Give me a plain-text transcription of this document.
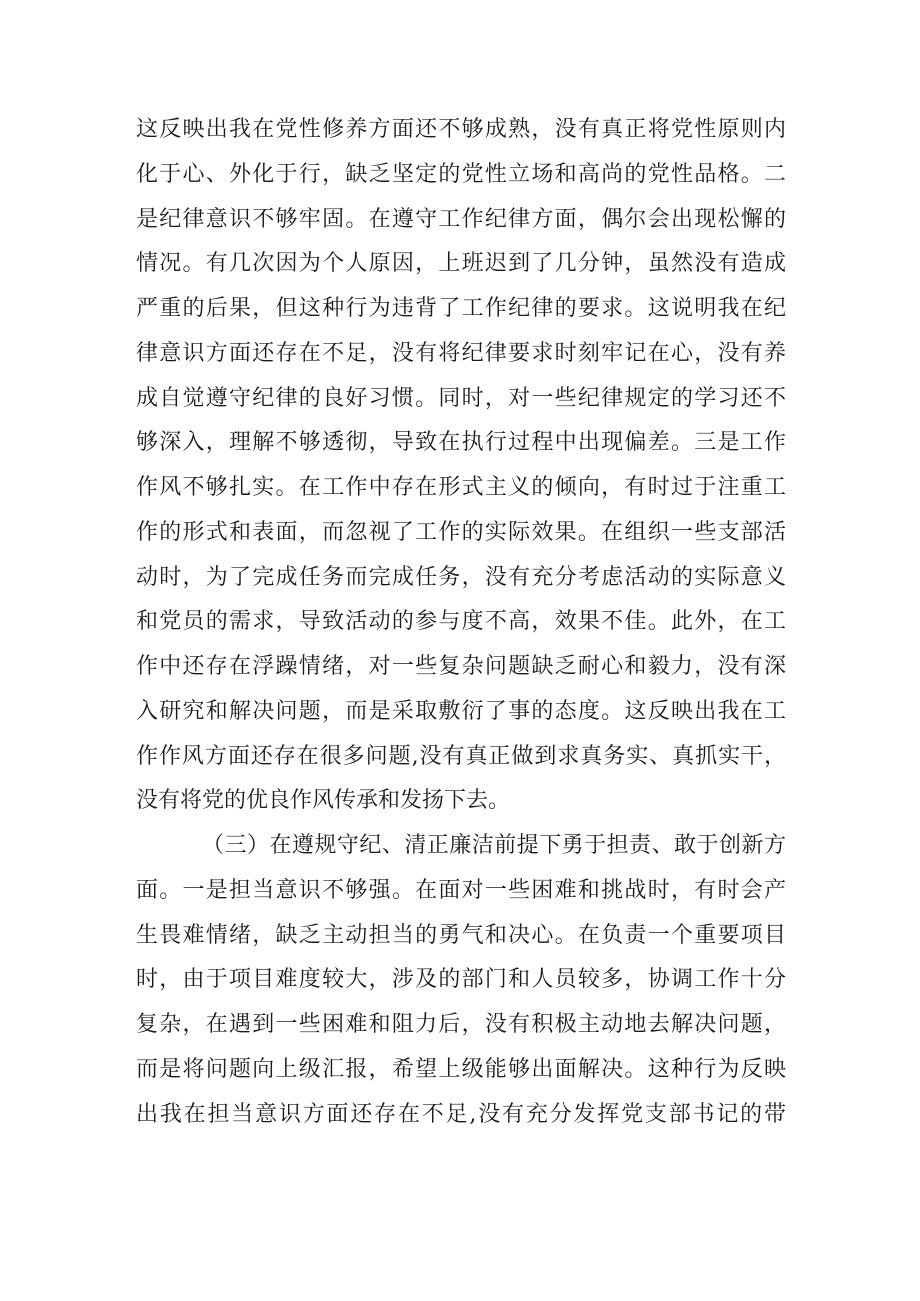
这反映出我在党性修养方面还不够成熟，没有真正将党性原则内
化于心、外化于行，缺乏坚定的党性立场和高尚的党性品格。二
是纪律意识不够牢固。在遵守工作纪律方面，偶尔会出现松懈的
情况。有几次因为个人原因，上班迟到了几分钟，虽然没有造成
严重的后果，但这种行为违背了工作纪律的要求。这说明我在纪
律意识方面还存在不足，没有将纪律要求时刻牢记在心，没有养
成自觉遵守纪律的良好习惯。同时，对一些纪律规定的学习还不
够深入，理解不够透彻，导致在执行过程中出现偏差。三是工作
作风不够扎实。在工作中存在形式主义的倾向，有时过于注重工
作的形式和表面，而忽视了工作的实际效果。在组织一些支部活
动时，为了完成任务而完成任务，没有充分考虑活动的实际意义
和党员的需求，导致活动的参与度不高，效果不佳。此外，在工
作中还存在浮躁情绪，对一些复杂问题缺乏耐心和毅力，没有深
入研究和解决问题，而是采取敷衍了事的态度。这反映出我在工
作作风方面还存在很多问题,没有真正做到求真务实、真抓实干，
没有将党的优良作风传承和发扬下去。
（三）在遵规守纪、清正廉洁前提下勇于担责、敢于创新方
面。一是担当意识不够强。在面对一些困难和挑战时，有时会产
生畏难情绪，缺乏主动担当的勇气和决心。在负责一个重要项目
时，由于项目难度较大，涉及的部门和人员较多，协调工作十分
复杂，在遇到一些困难和阻力后，没有积极主动地去解决问题，
而是将问题向上级汇报，希望上级能够出面解决。这种行为反映
出我在担当意识方面还存在不足,没有充分发挥党支部书记的带
